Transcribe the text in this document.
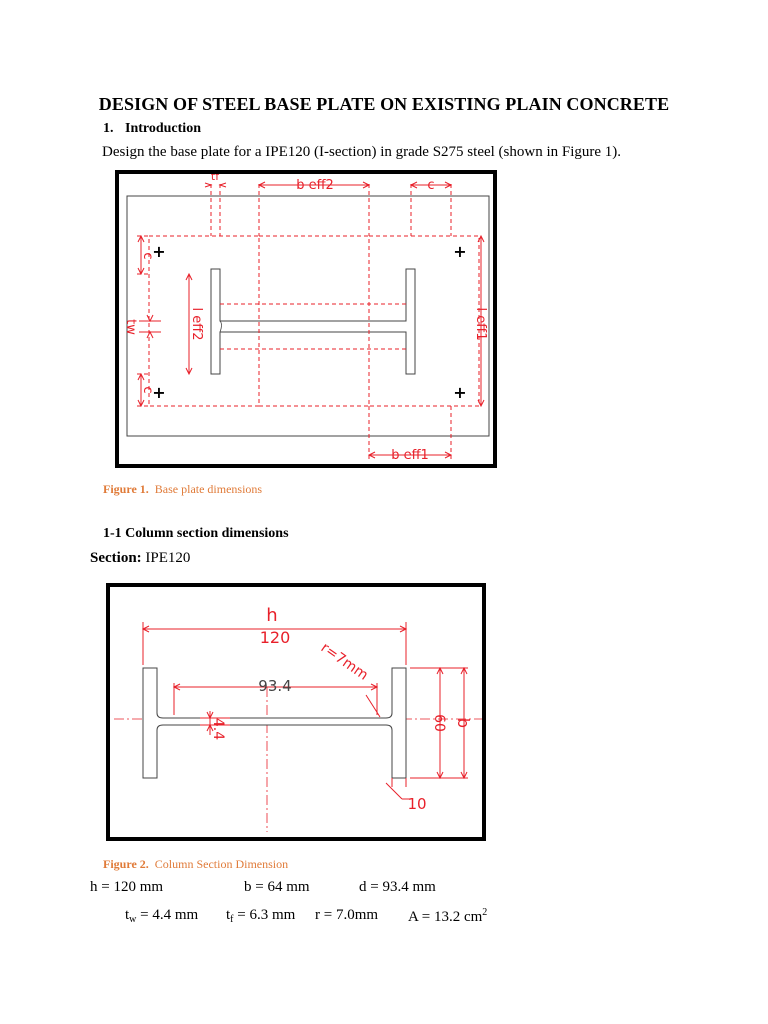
DESIGN OF STEEL BASE PLATE ON EXISTING PLAIN CONCRETE
1. Introduction
Design the base plate for a IPE120 (I-section) in grade S275 steel (shown in Figure 1).
b eff2	c
tf
b eff1
c
c
tw	l eff2	l eff1
+	+
+	+
Figure 1. Base plate dimensions
1-1 Column section dimensions
Section: IPE120
h
120
93.4
r=7mm
4.4	60 b
10
Figure 2. Column Section Dimension
h = 120 mm	b = 64 mm	d = 93.4 mm
$t_w = 4.4$ mm $t_f = 6.3$ mm r = 7.0mm A = 13.2 $cm^2$
